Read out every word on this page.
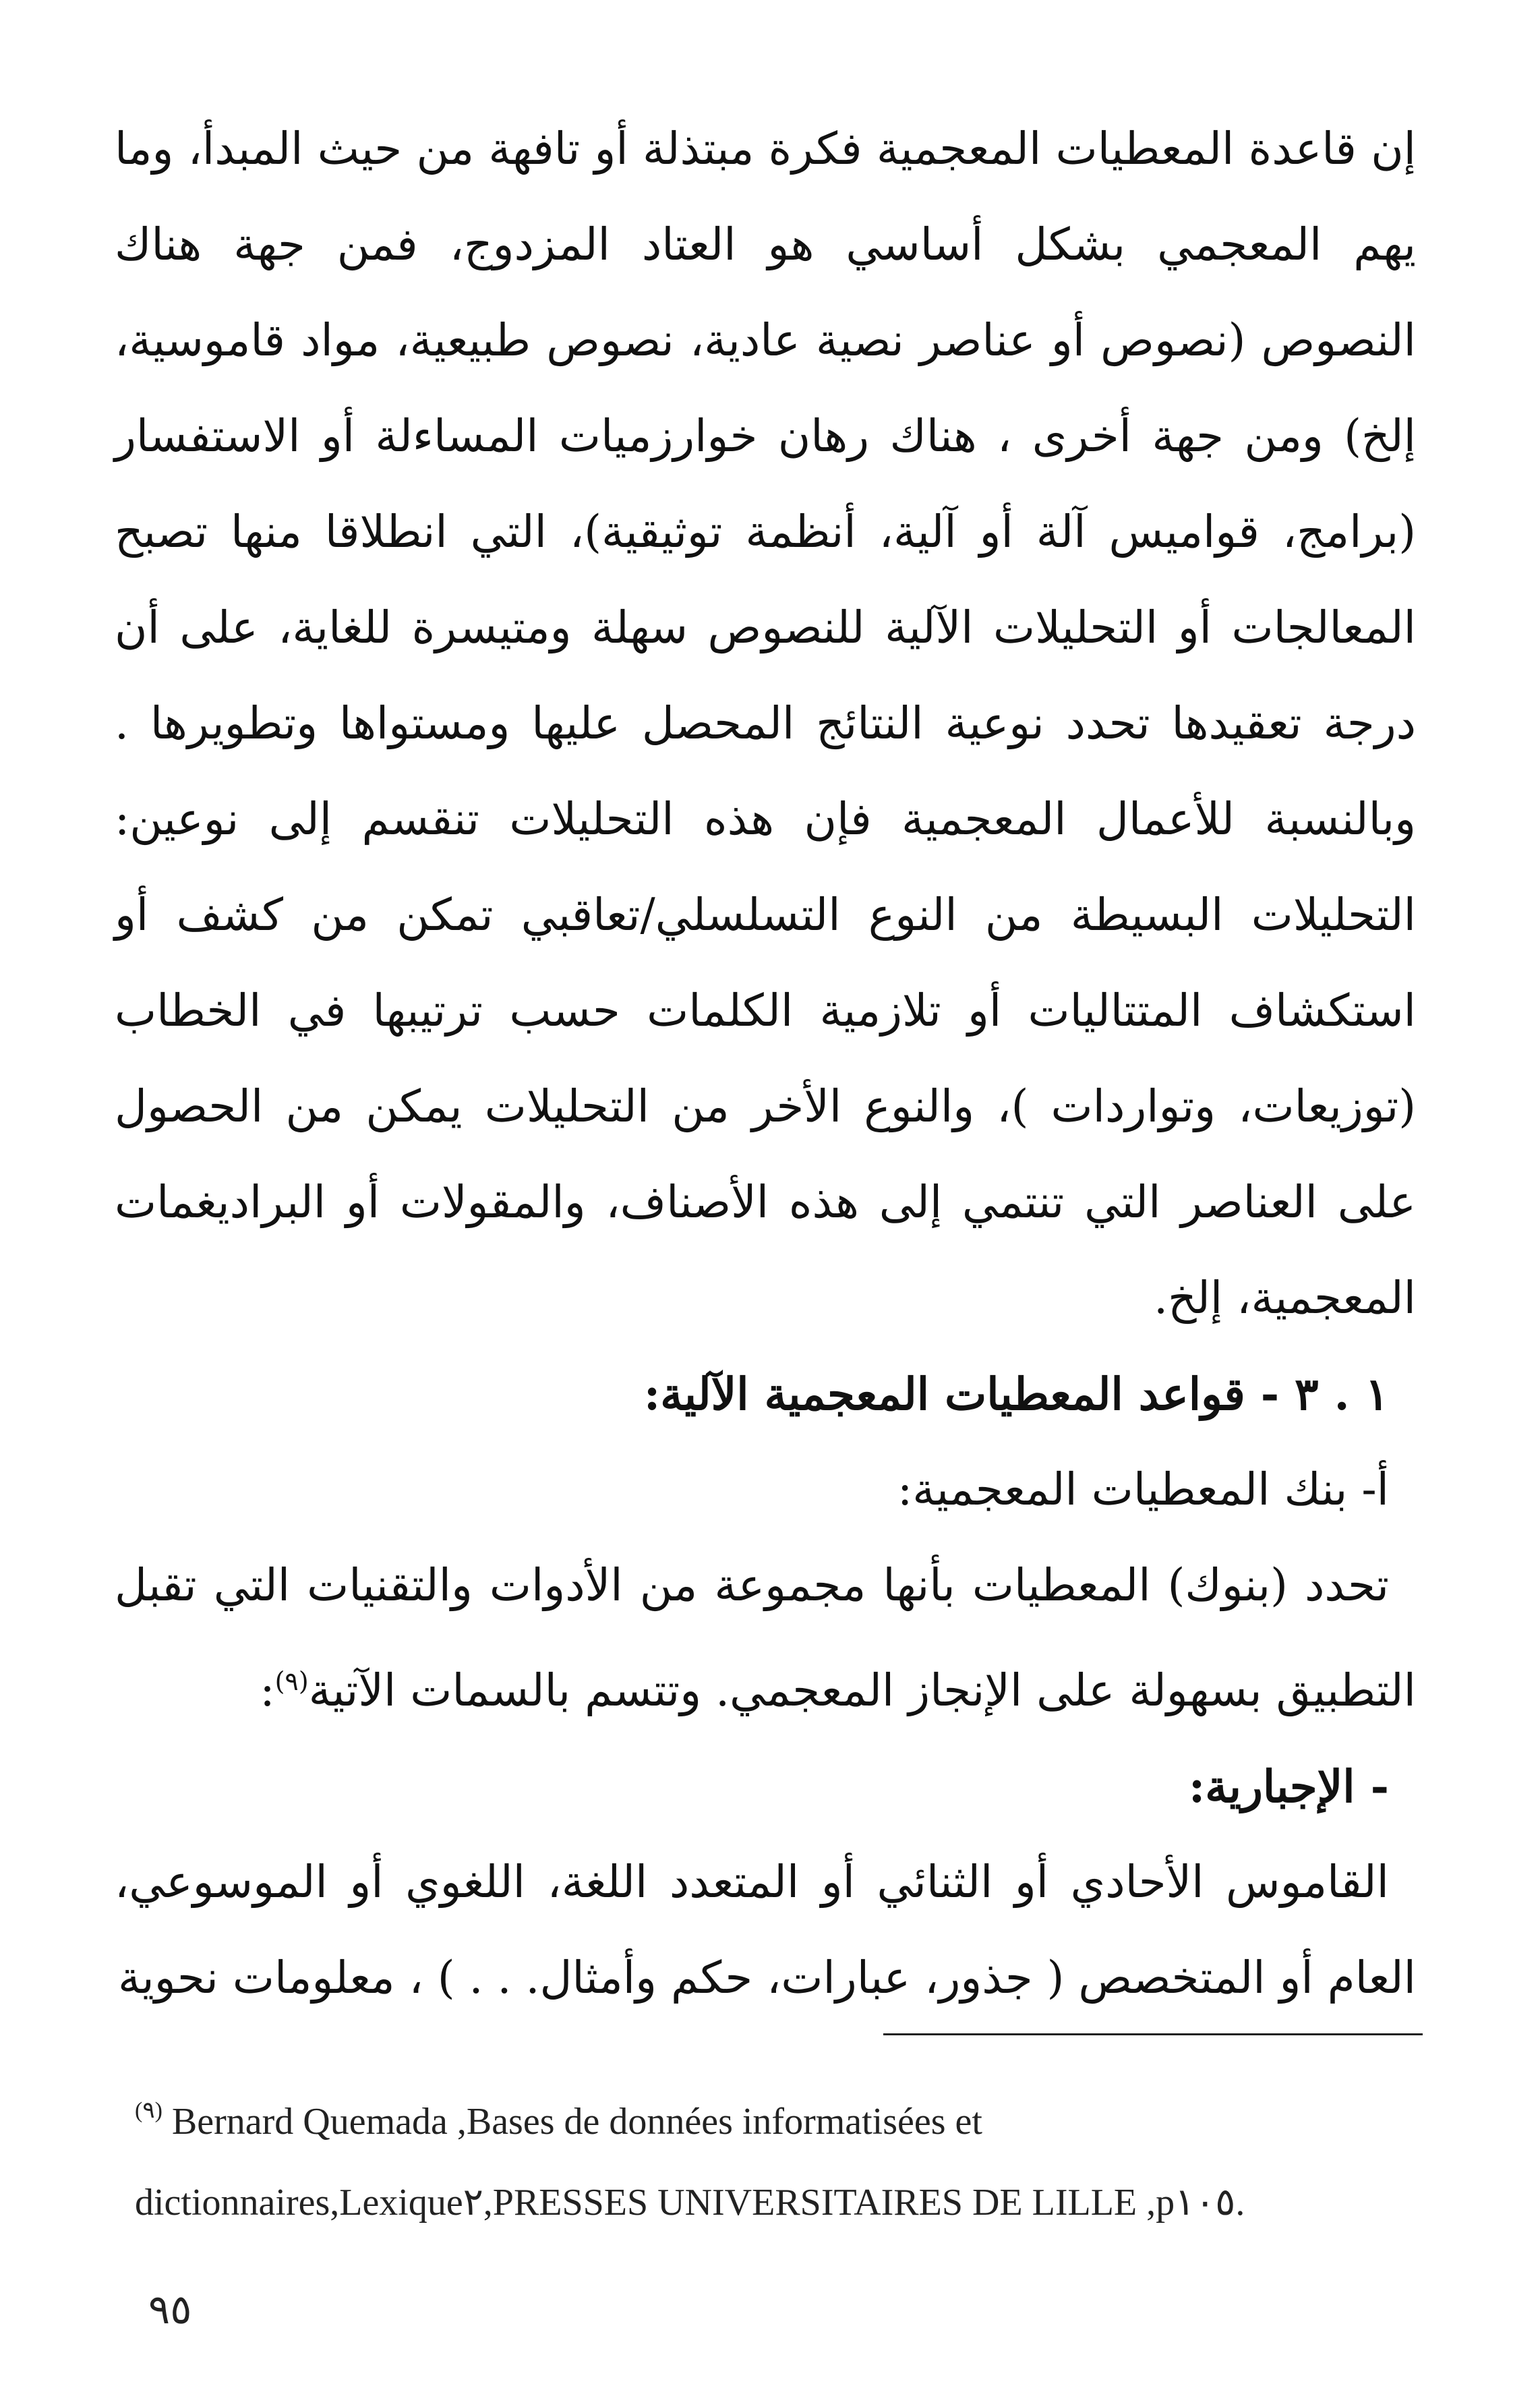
إن قاعدة المعطيات المعجمية فكرة مبتذلة أو تافهة من حيث المبدأ، وما يهم المعجمي بشكل أساسي هو العتاد المزدوج، فمن جهة هناك النصوص (نصوص أو عناصر نصية عادية، نصوص طبيعية، مواد قاموسية، إلخ) ومن جهة أخرى ، هناك رهان خوارزميات المساءلة أو الاستفسار (برامج، قواميس آلة أو آلية، أنظمة توثيقية)، التي انطلاقا منها تصبح المعالجات أو التحليلات الآلية للنصوص سهلة ومتيسرة للغاية، على أن درجة تعقيدها تحدد نوعية النتائج المحصل عليها ومستواها وتطويرها . وبالنسبة للأعمال المعجمية فإن هذه التحليلات تنقسم إلى نوعين: التحليلات البسيطة من النوع التسلسلي/تعاقبي تمكن من كشف أو استكشاف المتتاليات أو تلازمية الكلمات حسب ترتيبها في الخطاب (توزيعات، وتواردات )، والنوع الأخر من التحليلات يمكن من الحصول على العناصر التي تنتمي إلى هذه الأصناف، والمقولات أو البراديغمات المعجمية، إلخ.

١ . ٣ - قواعد المعطيات المعجمية الآلية:

أ- بنك المعطيات المعجمية:

تحدد (بنوك) المعطيات بأنها مجموعة من الأدوات والتقنيات التي تقبل التطبيق بسهولة على الإنجاز المعجمي. وتتسم بالسمات الآتية$^{(٩)}$:

- الإجبارية:

القاموس الأحادي أو الثنائي أو المتعدد اللغة، اللغوي أو الموسوعي، العام أو المتخصص ( جذور، عبارات، حكم وأمثال. . . ) ، معلومات نحوية

$^{(٩)}$ Bernard Quemada ,Bases de données informatisées et dictionnaires,Lexique٢,PRESSES UNIVERSITAIRES DE LILLE ,p١٠٥.
٩٥
